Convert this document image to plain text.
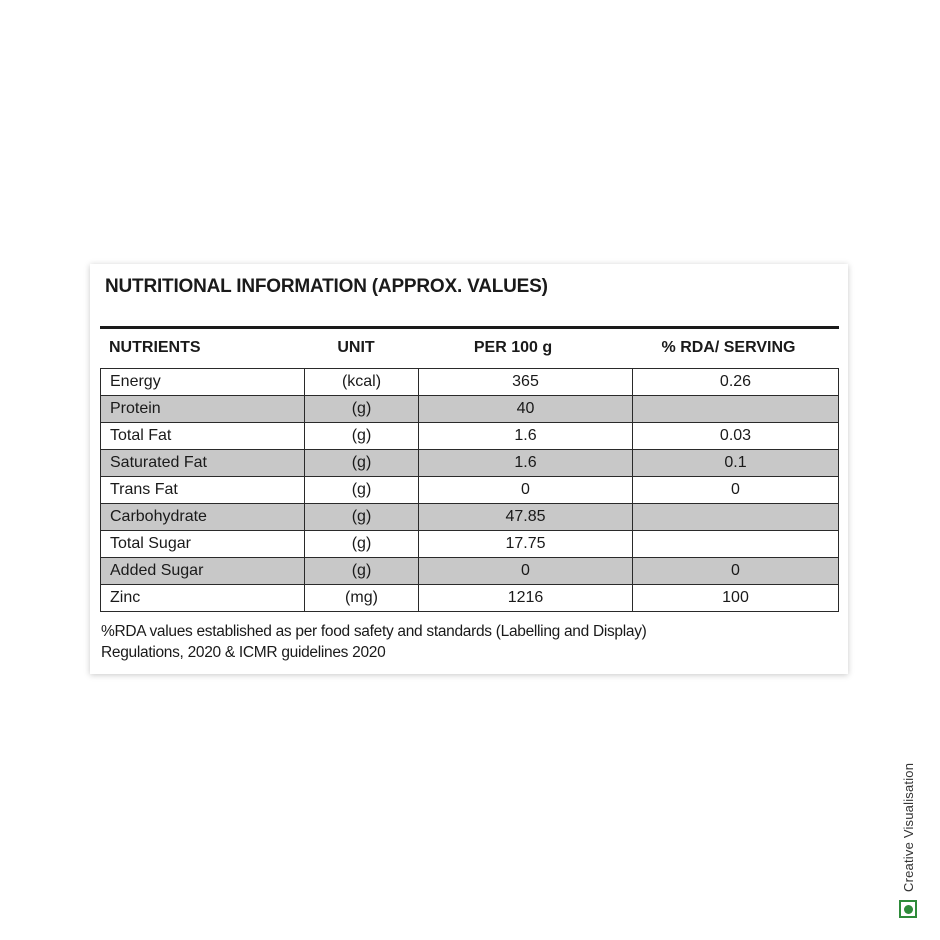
NUTRITIONAL INFORMATION (APPROX. VALUES)
NUTRIENTS	UNIT	PER 100 g	% RDA/ SERVING
Energy	(kcal)	365	0.26
Protein	(g)	40	
Total Fat	(g)	1.6	0.03
Saturated Fat	(g)	1.6	0.1
Trans Fat	(g)	0	0
Carbohydrate	(g)	47.85	
Total Sugar	(g)	17.75	
Added Sugar	(g)	0	0
Zinc	(mg)	1216	100
%RDA values established as per food safety and standards (Labelling and Display)
Regulations, 2020 & ICMR guidelines 2020
Creative Visualisation
